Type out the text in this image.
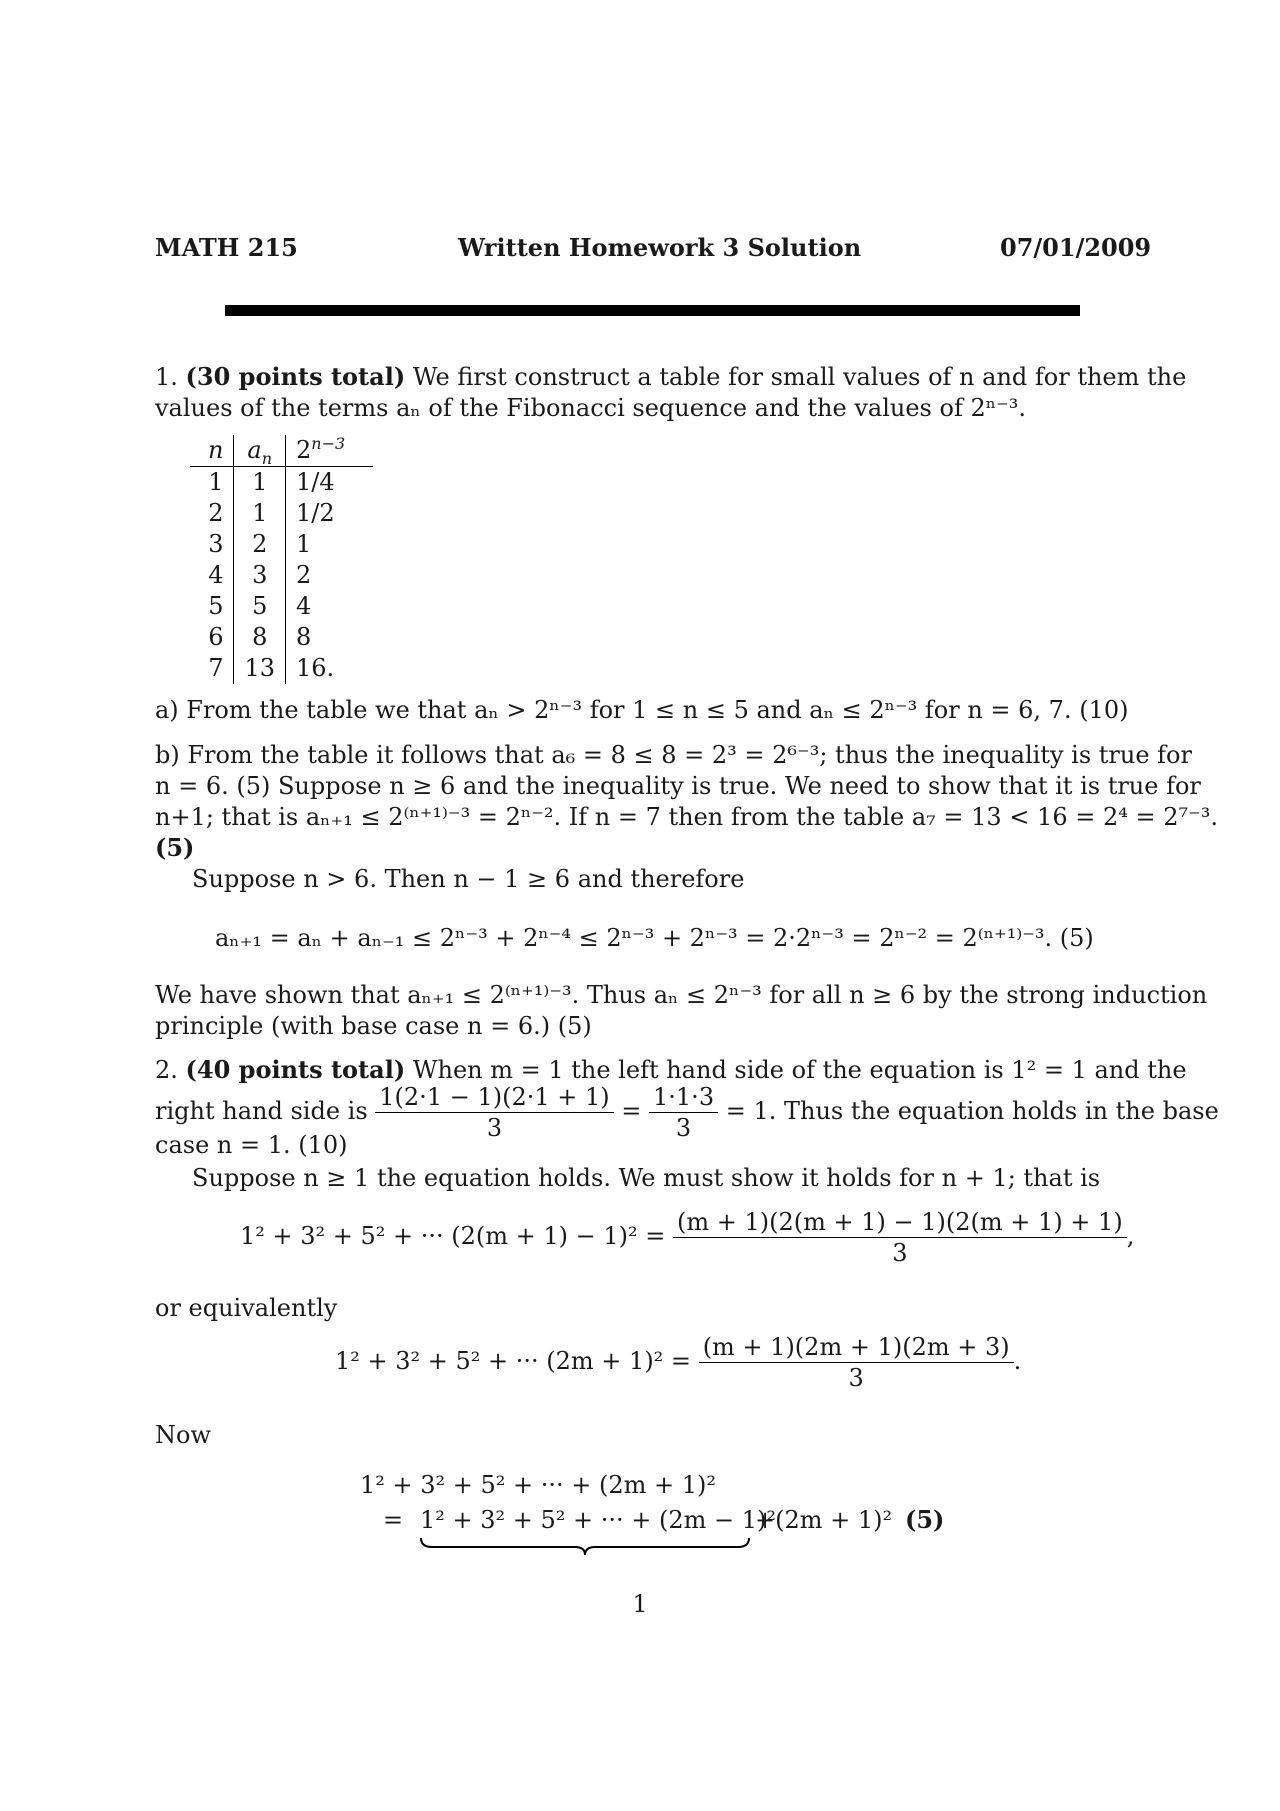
MATH 215	Written Homework 3 Solution	07/01/2009
1. (30 points total) We first construct a table for small values of n and for them the
values of the terms aₙ of the Fibonacci sequence and the values of 2ⁿ⁻³.
n	$a_n$	$2^{n-3}$
1	1	1/4
2	1	1/2
3	2	1
4	3	2
5	5	4
6	8	8
7	13	16.
a) From the table we that aₙ > 2ⁿ⁻³ for 1 ≤ n ≤ 5 and aₙ ≤ 2ⁿ⁻³ for n = 6, 7. (10)
b) From the table it follows that a₆ = 8 ≤ 8 = 2³ = 2⁶⁻³; thus the inequality is true for
n = 6. (5) Suppose n ≥ 6 and the inequality is true. We need to show that it is true for
n+1; that is aₙ₊₁ ≤ 2⁽ⁿ⁺¹⁾⁻³ = 2ⁿ⁻². If n = 7 then from the table a₇ = 13 < 16 = 2⁴ = 2⁷⁻³.
(5)
Suppose n > 6. Then n − 1 ≥ 6 and therefore
aₙ₊₁ = aₙ + aₙ₋₁ ≤ 2ⁿ⁻³ + 2ⁿ⁻⁴ ≤ 2ⁿ⁻³ + 2ⁿ⁻³ = 2·2ⁿ⁻³ = 2ⁿ⁻² = 2⁽ⁿ⁺¹⁾⁻³. (5)
We have shown that aₙ₊₁ ≤ 2⁽ⁿ⁺¹⁾⁻³. Thus aₙ ≤ 2ⁿ⁻³ for all n ≥ 6 by the strong induction
principle (with base case n = 6.) (5)
2. (40 points total) When m = 1 the left hand side of the equation is 1² = 1 and the
right hand side is $\frac{1(2\cdot 1 - 1)(2\cdot 1 + 1)}{3} = \frac{1\cdot 1\cdot 3}{3} = 1$. Thus the equation holds in the base
case n = 1. (10)
Suppose n ≥ 1 the equation holds. We must show it holds for n + 1; that is
1² + 3² + 5² + ··· $(2(m + 1) - 1)^2 = \frac{(m + 1)(2(m + 1) - 1)(2(m + 1) + 1)}{3}$ ,
or equivalently
1² + 3² + 5² + ··· $(2m + 1)^2 = \frac{(m + 1)(2m + 1)(2m + 3)}{3}$ .
Now
1² + 3² + 5² + ··· + (2m + 1)²
= 1² + 3² + 5² + ··· + (2m − 1)²
+(2m + 1)² (5)
1
